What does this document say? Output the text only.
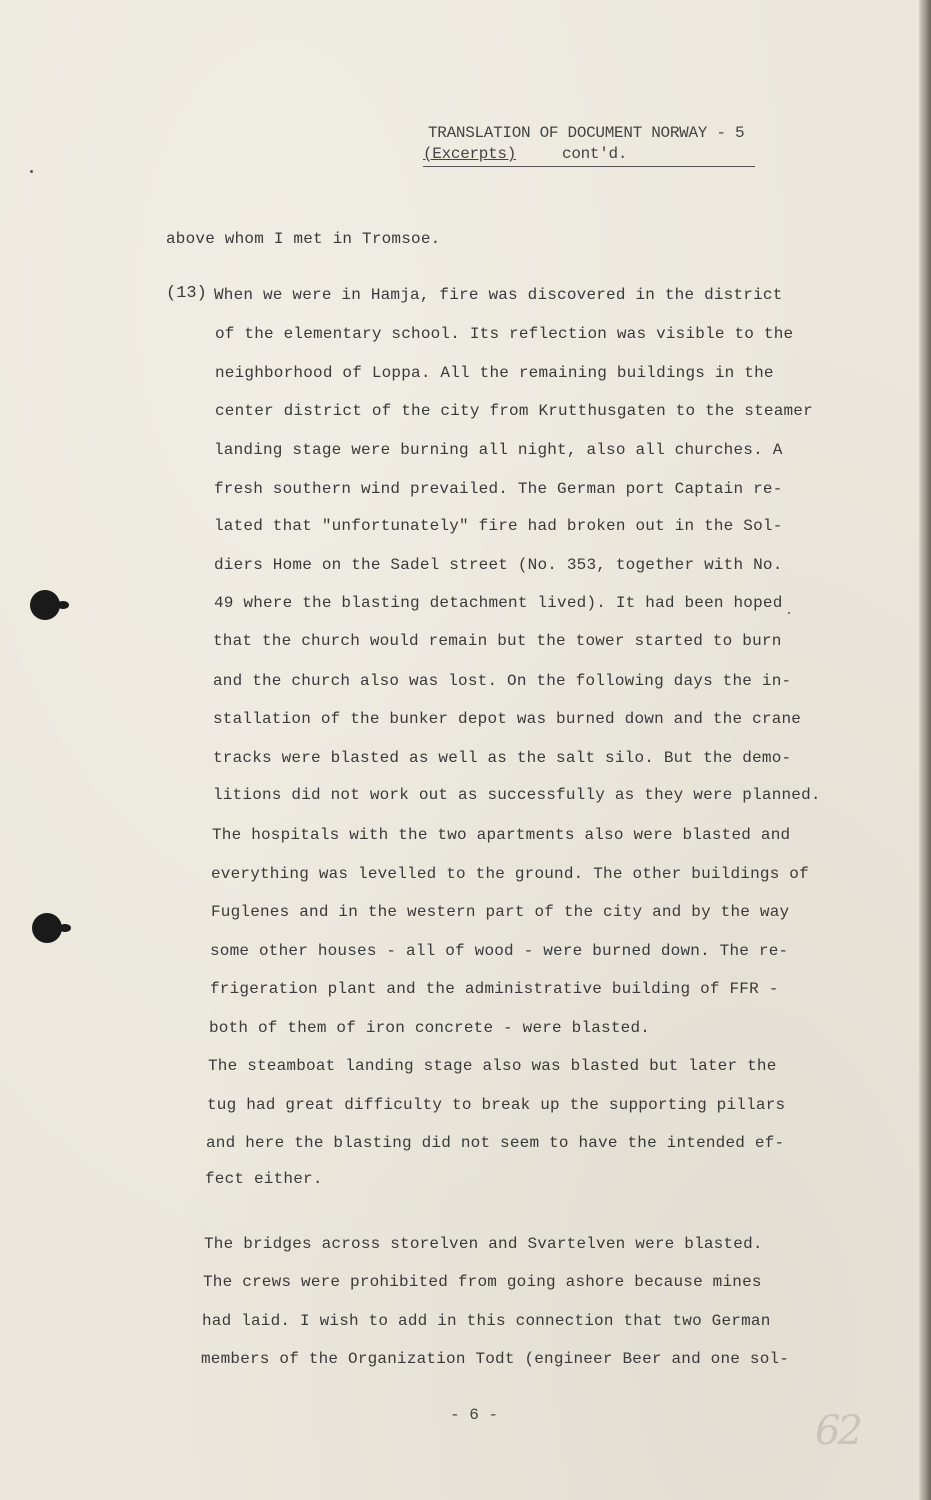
TRANSLATION OF DOCUMENT NORWAY - 5
(Excerpts)	cont'd.
above whom I met in Tromsoe.
(13) When we were in Hamja, fire was discovered in the district
of the elementary school. Its reflection was visible to the
neighborhood of Loppa. All the remaining buildings in the
center district of the city from Krutthusgaten to the steamer
landing stage were burning all night, also all churches. A
fresh southern wind prevailed. The German port Captain re-
lated that "unfortunately" fire had broken out in the Sol-
diers Home on the Sadel street (No. 353, together with No.
49 where the blasting detachment lived). It had been hoped
that the church would remain but the tower started to burn
and the church also was lost. On the following days the in-
stallation of the bunker depot was burned down and the crane
tracks were blasted as well as the salt silo. But the demo-
litions did not work out as successfully as they were planned.
The hospitals with the two apartments also were blasted and
everything was levelled to the ground. The other buildings of
Fuglenes and in the western part of the city and by the way
some other houses - all of wood - were burned down. The re-
frigeration plant and the administrative building of FFR -
both of them of iron concrete - were blasted.
The steamboat landing stage also was blasted but later the
tug had great difficulty to break up the supporting pillars
and here the blasting did not seem to have the intended ef-
fect either.
The bridges across storelven and Svartelven were blasted.
The crews were prohibited from going ashore because mines
had laid. I wish to add in this connection that two German
members of the Organization Todt (engineer Beer and one sol-
- 6 -	62
